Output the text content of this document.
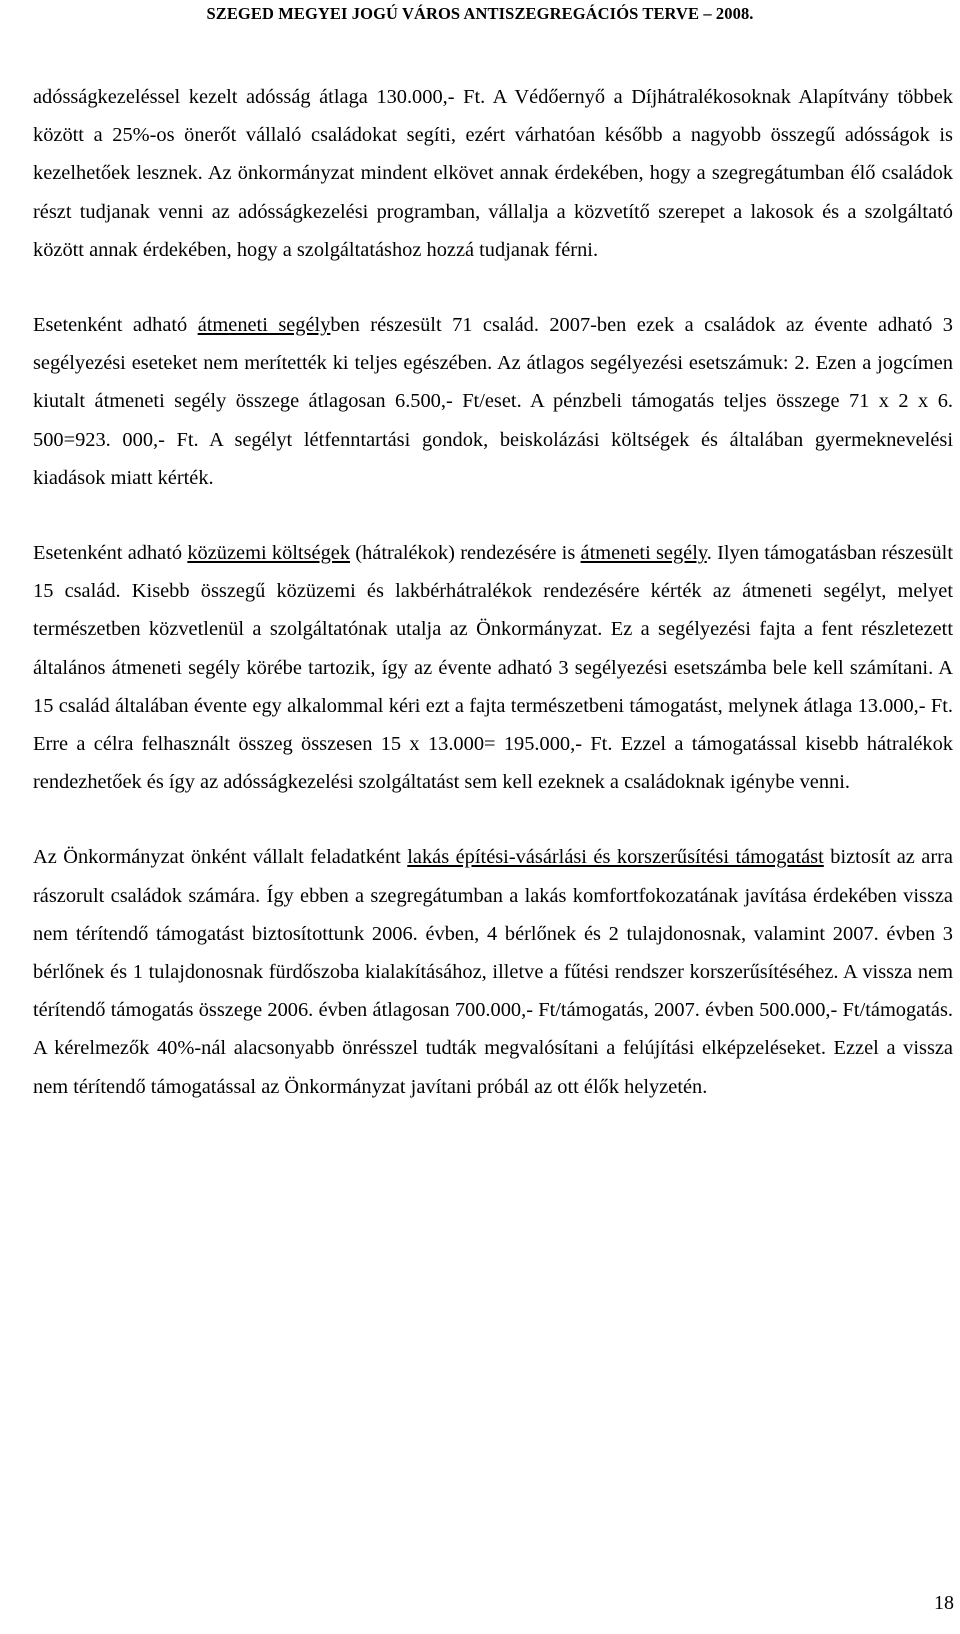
SZEGED MEGYEI JOGÚ VÁROS ANTISZEGREGÁCIÓS TERVE – 2008.

adósságkezeléssel kezelt adósság átlaga 130.000,- Ft. A Védőernyő a Díjhátralékosoknak Alapítvány többek között a 25%-os önerőt vállaló családokat segíti, ezért várhatóan később a nagyobb összegű adósságok is kezelhetőek lesznek. Az önkormányzat mindent elkövet annak érdekében, hogy a szegregátumban élő családok részt tudjanak venni az adósságkezelési programban, vállalja a közvetítő szerepet a lakosok és a szolgáltató között annak érdekében, hogy a szolgáltatáshoz hozzá tudjanak férni.

Esetenként adható átmeneti segélyben részesült 71 család. 2007-ben ezek a családok az évente adható 3 segélyezési eseteket nem merítették ki teljes egészében. Az átlagos segélyezési esetszámuk: 2. Ezen a jogcímen kiutalt átmeneti segély összege átlagosan 6.500,- Ft/eset. A pénzbeli támogatás teljes összege 71 x 2 x 6. 500=923. 000,- Ft. A segélyt létfenntartási gondok, beiskolázási költségek és általában gyermeknevelési kiadások miatt kérték.

Esetenként adható közüzemi költségek (hátralékok) rendezésére is átmeneti segély. Ilyen támogatásban részesült 15 család. Kisebb összegű közüzemi és lakbérhátralékok rendezésére kérték az átmeneti segélyt, melyet természetben közvetlenül a szolgáltatónak utalja az Önkormányzat. Ez a segélyezési fajta a fent részletezett általános átmeneti segély körébe tartozik, így az évente adható 3 segélyezési esetszámba bele kell számítani. A 15 család általában évente egy alkalommal kéri ezt a fajta természetbeni támogatást, melynek átlaga 13.000,- Ft. Erre a célra felhasznált összeg összesen 15 x 13.000= 195.000,- Ft. Ezzel a támogatással kisebb hátralékok rendezhetőek és így az adósságkezelési szolgáltatást sem kell ezeknek a családoknak igénybe venni.

Az Önkormányzat önként vállalt feladatként lakás építési-vásárlási és korszerűsítési támogatást biztosít az arra rászorult családok számára. Így ebben a szegregátumban a lakás komfortfokozatának javítása érdekében vissza nem térítendő támogatást biztosítottunk 2006. évben, 4 bérlőnek és 2 tulajdonosnak, valamint 2007. évben 3 bérlőnek és 1 tulajdonosnak fürdőszoba kialakításához, illetve a fűtési rendszer korszerűsítéséhez. A vissza nem térítendő támogatás összege 2006. évben átlagosan 700.000,- Ft/támogatás, 2007. évben 500.000,- Ft/támogatás. A kérelmezők 40%-nál alacsonyabb önrésszel tudták megvalósítani a felújítási elképzeléseket. Ezzel a vissza nem térítendő támogatással az Önkormányzat javítani próbál az ott élők helyzetén.

18
